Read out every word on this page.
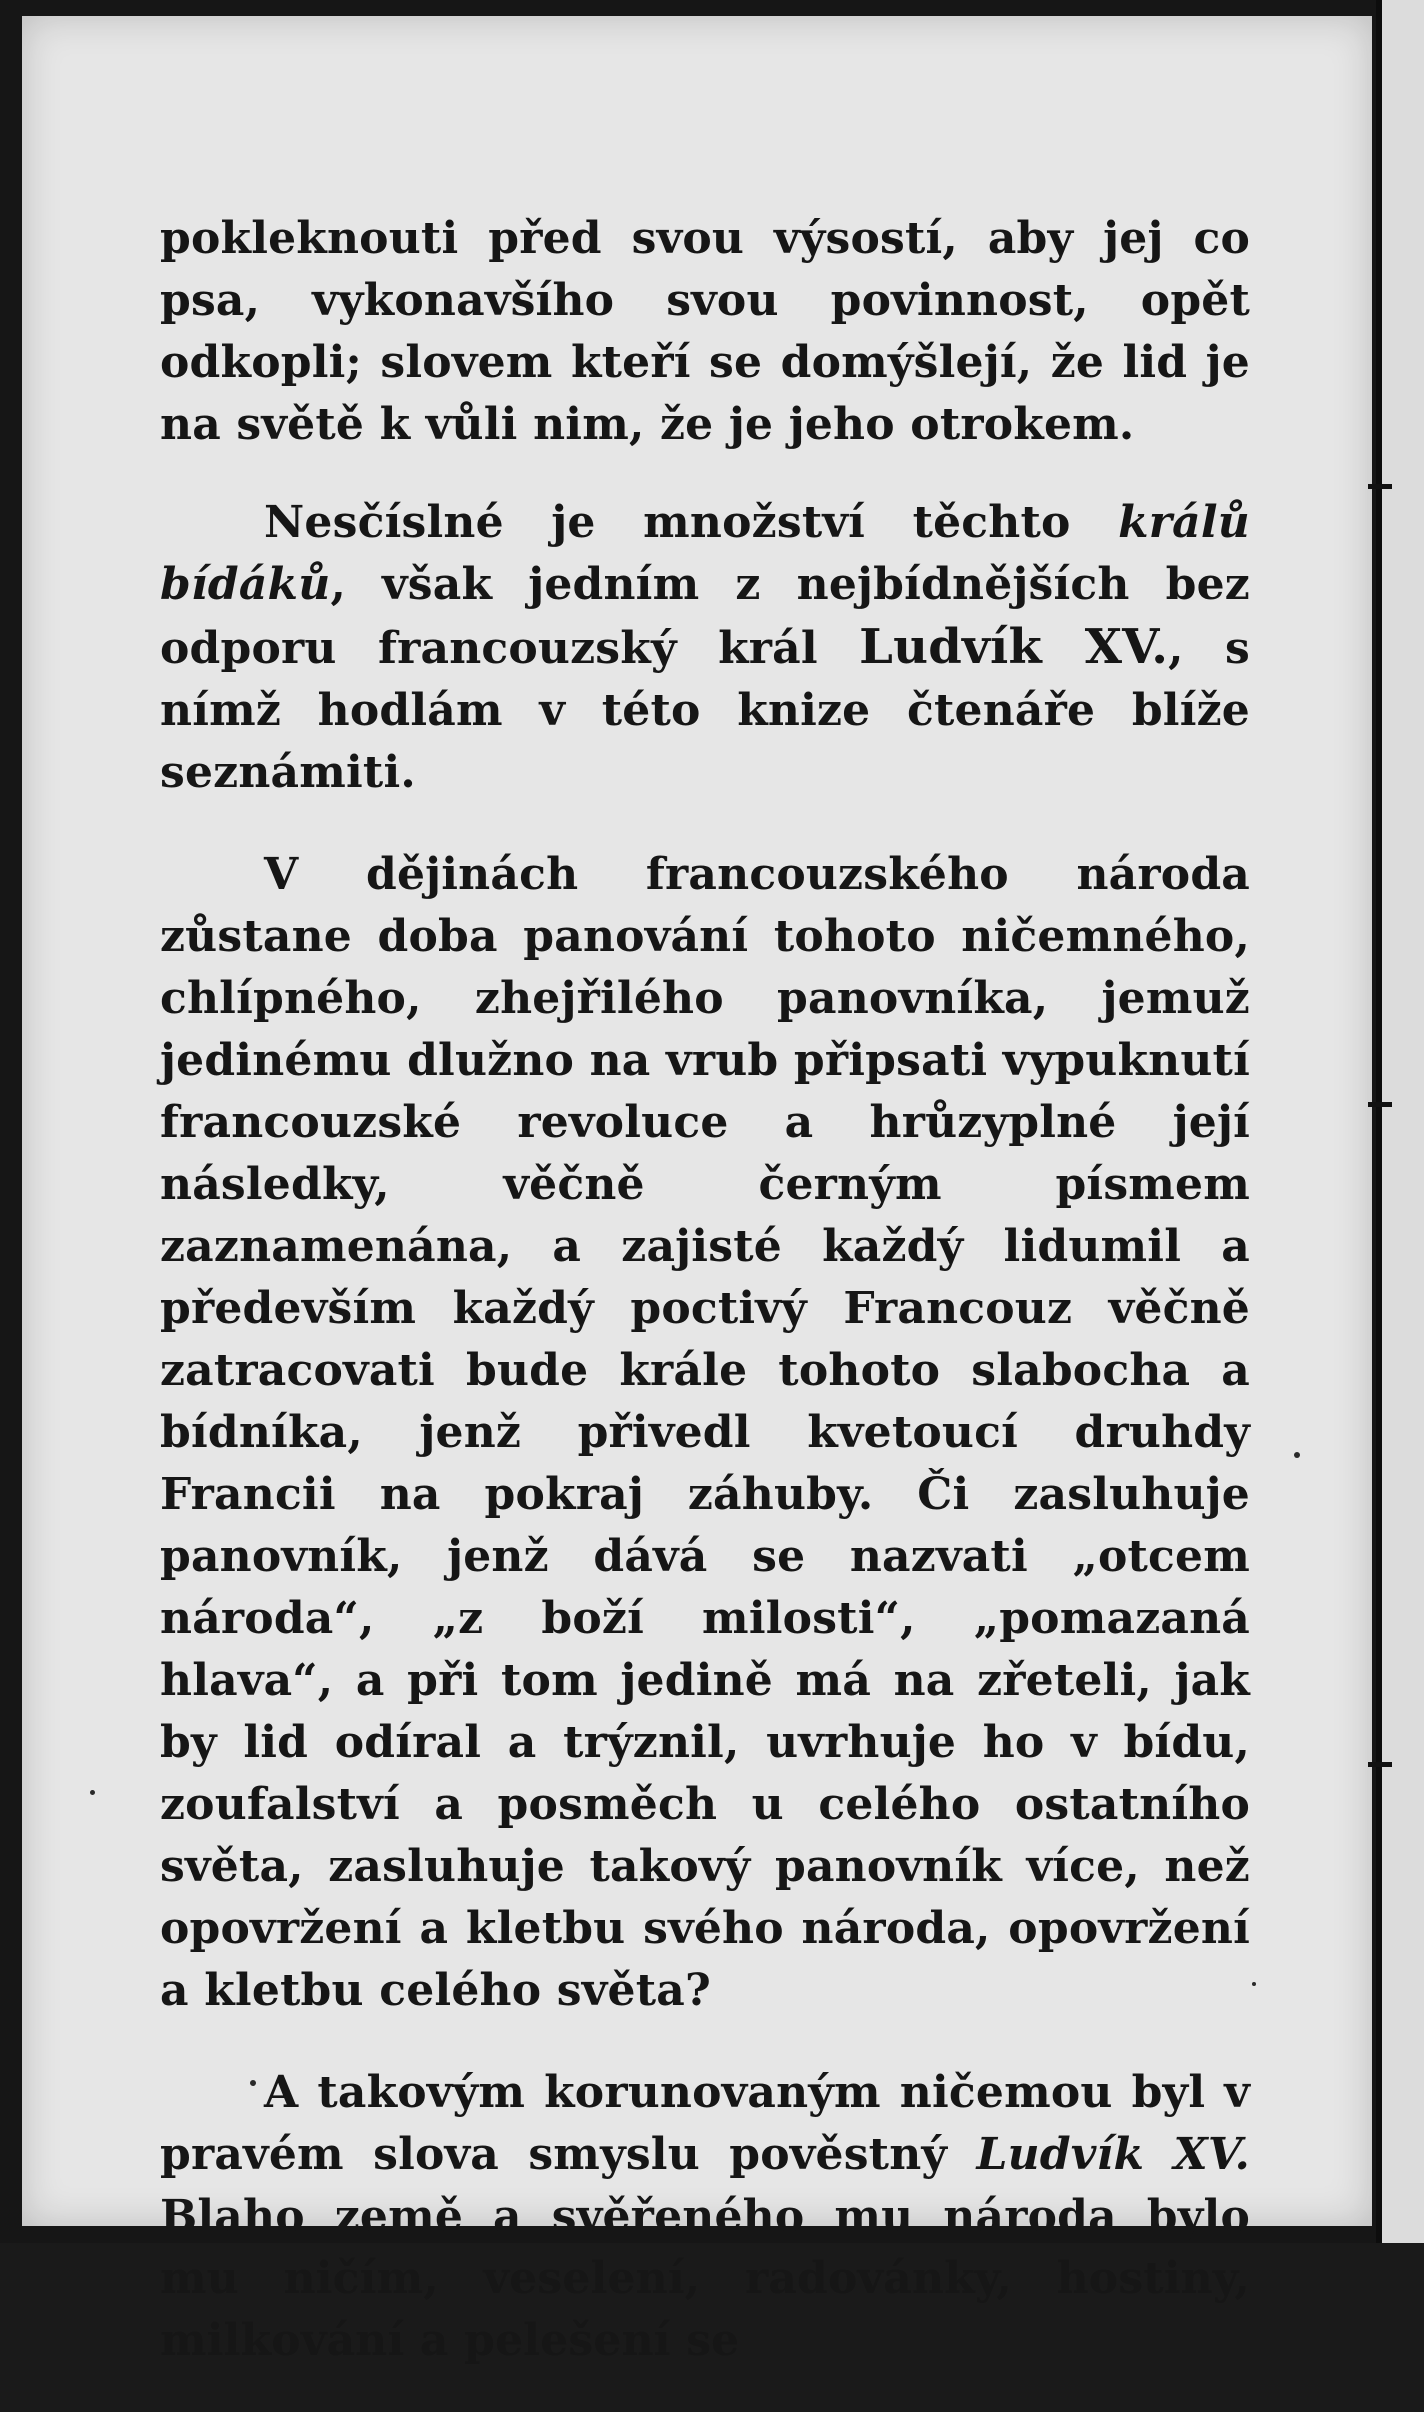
pokleknouti před svou výsostí, aby jej co psa, vykonavšího svou povinnost, opět odkopli; slovem kteří se domýšlejí, že lid je na světě k vůli nim, že je jeho otrokem.

Nesčíslné je množství těchto králů bídáků, však jedním z nejbídnějších bez odporu francouzský král Ludvík XV., s nímž hodlám v této knize čtenáře blíže seznámiti.

V dějinách francouzského národa zůstane doba panování tohoto ničemného, chlípného, zhejřilého panovníka, jemuž jedinému dlužno na vrub připsati vypuknutí francouzské revoluce a hrůzyplné její následky, věčně černým písmem zaznamenána, a zajisté každý lidumil a především každý poctivý Francouz věčně zatracovati bude krále tohoto slabocha a bídníka, jenž přivedl kvetoucí druhdy Francii na pokraj záhuby. Či zasluhuje panovník, jenž dává se nazvati „otcem národa“, „z boží milosti“, „pomazaná hlava“, a při tom jedině má na zřeteli, jak by lid odíral a trýznil, uvrhuje ho v bídu, zoufalství a posměch u celého ostatního světa, zasluhuje takový panovník více, než opovržení a kletbu svého národa, opovržení a kletbu celého světa?

A takovým korunovaným ničemou byl v pravém slova smyslu pověstný Ludvík XV. Blaho země a svěřeného mu národa bylo mu ničím, veselení, radovánky, hostiny, milkování a pelešení se
